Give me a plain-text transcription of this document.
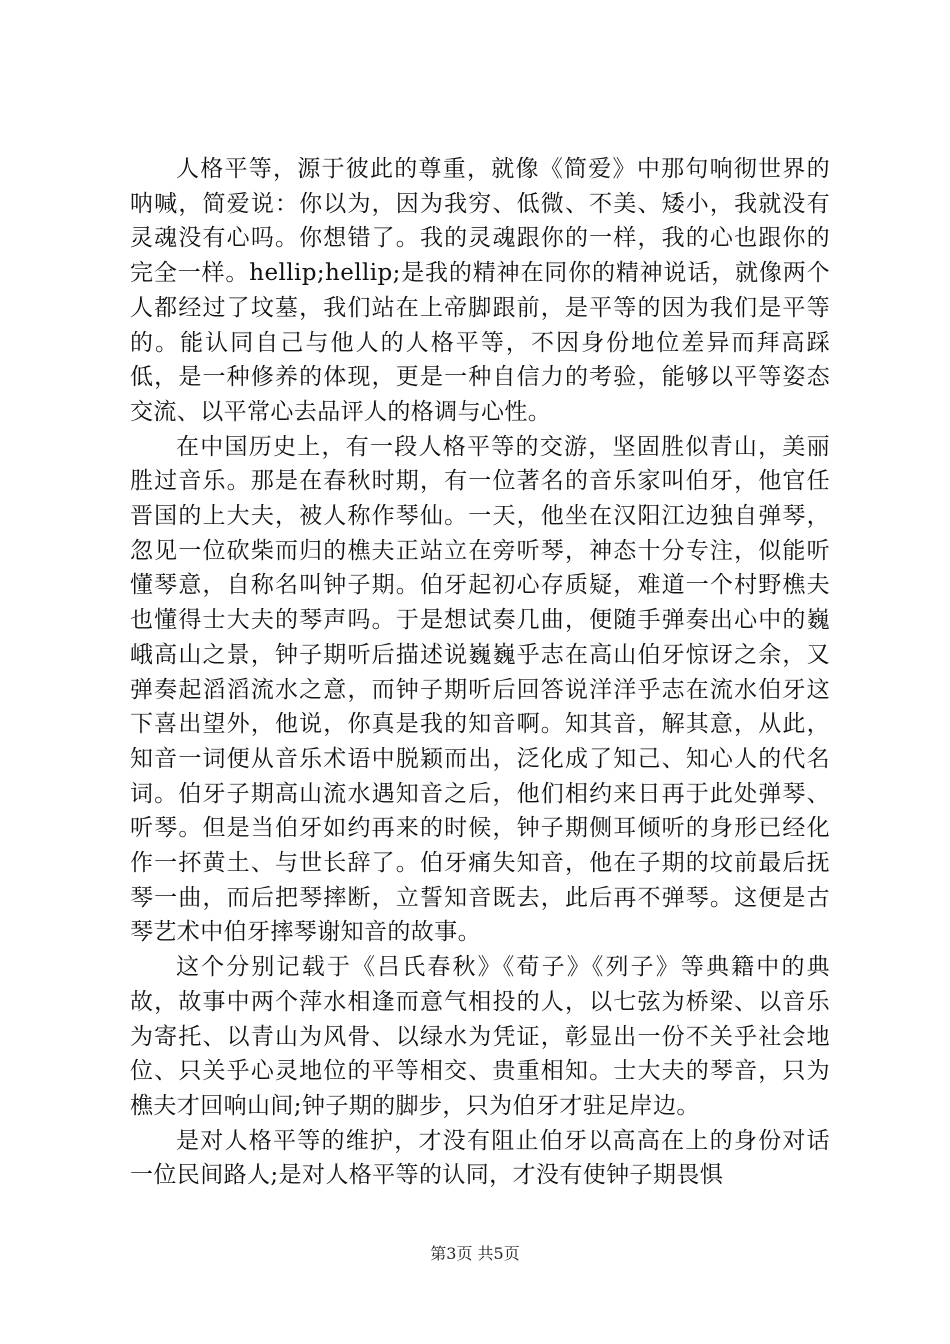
人格平等，源于彼此的尊重，就像《简爱》中那句响彻世界的呐喊，简爱说：你以为，因为我穷、低微、不美、矮小，我就没有灵魂没有心吗。你想错了。我的灵魂跟你的一样，我的心也跟你的完全一样。hellip;hellip;是我的精神在同你的精神说话，就像两个人都经过了坟墓，我们站在上帝脚跟前，是平等的因为我们是平等的。能认同自己与他人的人格平等，不因身份地位差异而拜高踩低，是一种修养的体现，更是一种自信力的考验，能够以平等姿态交流、以平常心去品评人的格调与心性。

在中国历史上，有一段人格平等的交游，坚固胜似青山，美丽胜过音乐。那是在春秋时期，有一位著名的音乐家叫伯牙，他官任晋国的上大夫，被人称作琴仙。一天，他坐在汉阳江边独自弹琴，忽见一位砍柴而归的樵夫正站立在旁听琴，神态十分专注，似能听懂琴意，自称名叫钟子期。伯牙起初心存质疑，难道一个村野樵夫也懂得士大夫的琴声吗。于是想试奏几曲，便随手弹奏出心中的巍峨高山之景，钟子期听后描述说巍巍乎志在高山伯牙惊讶之余，又弹奏起滔滔流水之意，而钟子期听后回答说洋洋乎志在流水伯牙这下喜出望外，他说，你真是我的知音啊。知其音，解其意，从此，知音一词便从音乐术语中脱颖而出，泛化成了知己、知心人的代名词。伯牙子期高山流水遇知音之后，他们相约来日再于此处弹琴、听琴。但是当伯牙如约再来的时候，钟子期侧耳倾听的身形已经化作一抔黄土、与世长辞了。伯牙痛失知音，他在子期的坟前最后抚琴一曲，而后把琴摔断，立誓知音既去，此后再不弹琴。这便是古琴艺术中伯牙摔琴谢知音的故事。

这个分别记载于《吕氏春秋》《荀子》《列子》等典籍中的典故，故事中两个萍水相逢而意气相投的人，以七弦为桥梁、以音乐为寄托、以青山为风骨、以绿水为凭证，彰显出一份不关乎社会地位、只关乎心灵地位的平等相交、贵重相知。士大夫的琴音，只为樵夫才回响山间;钟子期的脚步，只为伯牙才驻足岸边。

是对人格平等的维护，才没有阻止伯牙以高高在上的身份对话一位民间路人;是对人格平等的认同，才没有使钟子期畏惧

第3页 共5页
